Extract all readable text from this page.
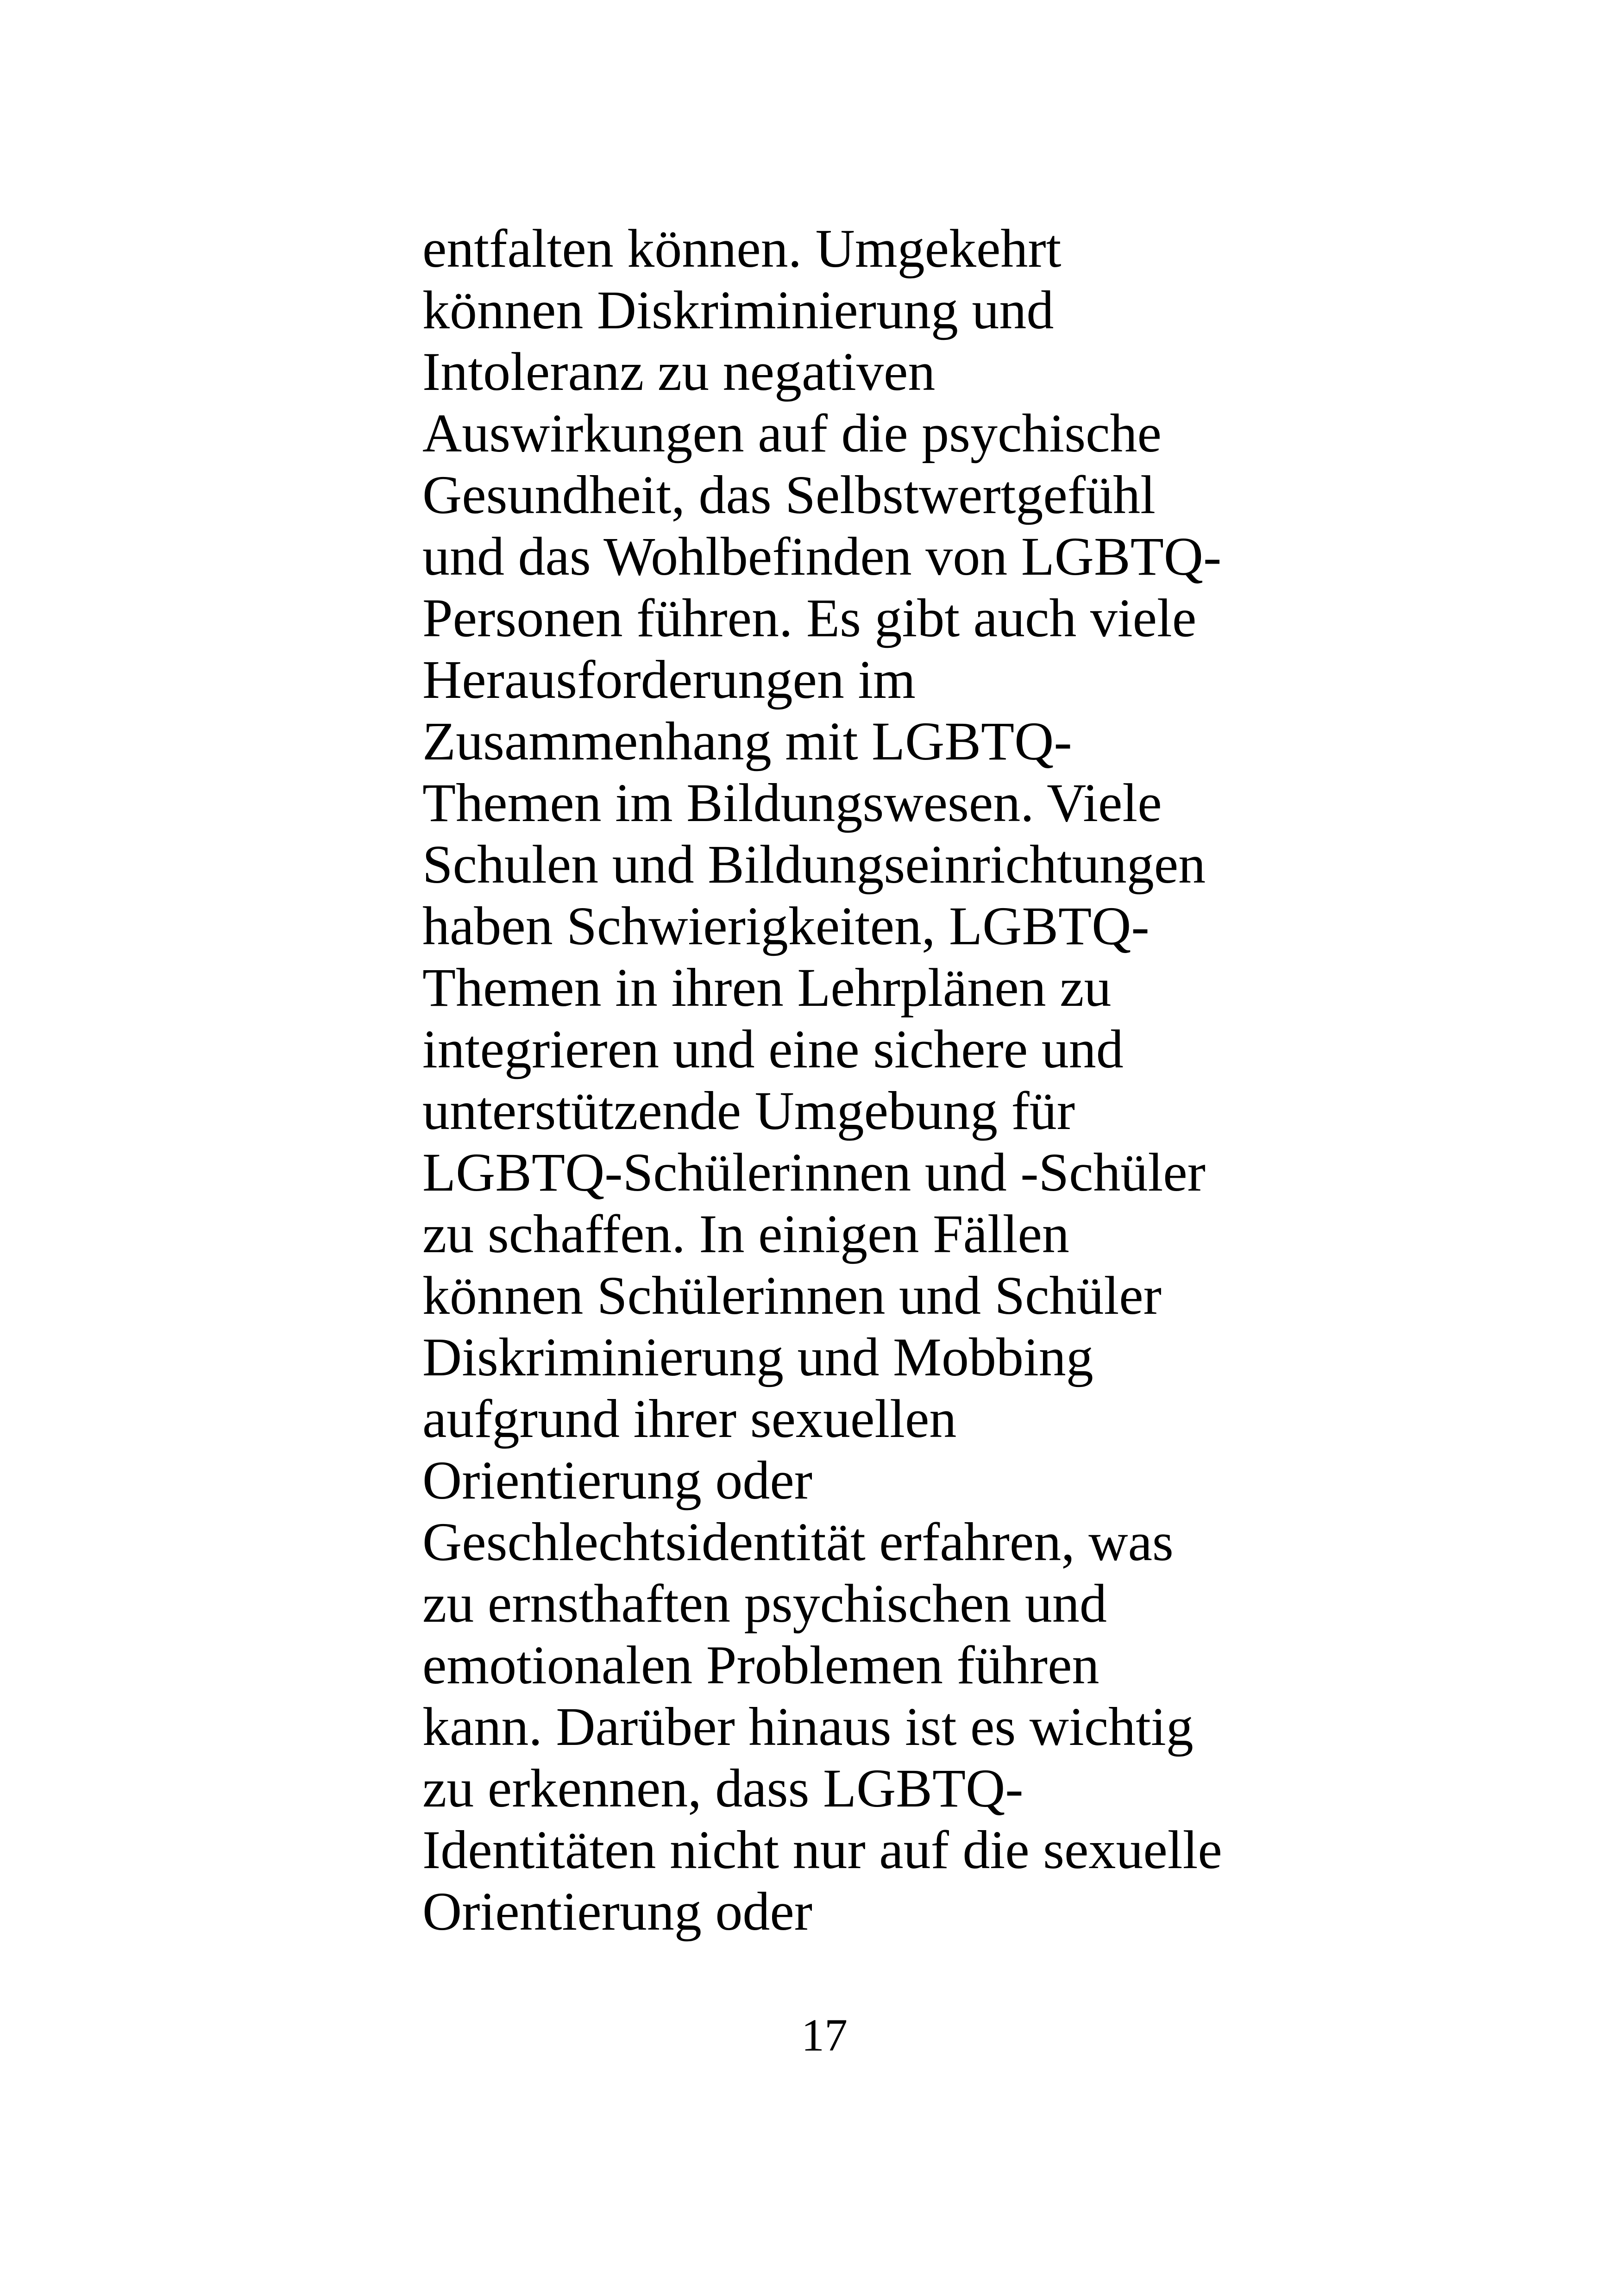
entfalten können. Umgekehrt
können Diskriminierung und
Intoleranz zu negativen
Auswirkungen auf die psychische
Gesundheit, das Selbstwertgefühl
und das Wohlbefinden von LGBTQ-
Personen führen. Es gibt auch viele
Herausforderungen im
Zusammenhang mit LGBTQ-
Themen im Bildungswesen. Viele
Schulen und Bildungseinrichtungen
haben Schwierigkeiten, LGBTQ-
Themen in ihren Lehrplänen zu
integrieren und eine sichere und
unterstützende Umgebung für
LGBTQ-Schülerinnen und -Schüler
zu schaffen. In einigen Fällen
können Schülerinnen und Schüler
Diskriminierung und Mobbing
aufgrund ihrer sexuellen
Orientierung oder
Geschlechtsidentität erfahren, was
zu ernsthaften psychischen und
emotionalen Problemen führen
kann. Darüber hinaus ist es wichtig
zu erkennen, dass LGBTQ-
Identitäten nicht nur auf die sexuelle
Orientierung oder
17
